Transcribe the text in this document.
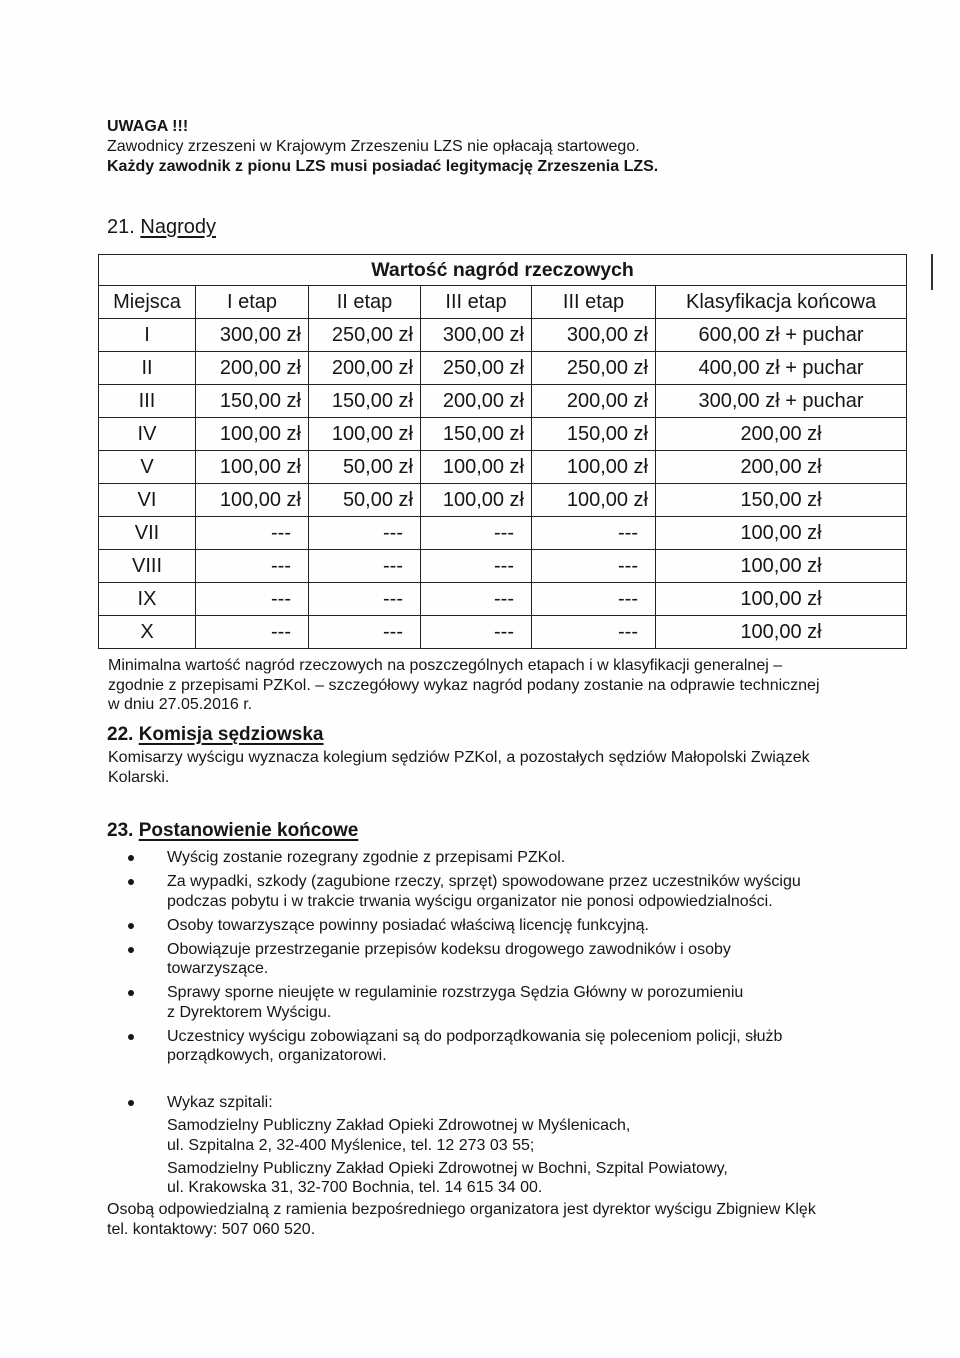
UWAGA !!!
Zawodnicy zrzeszeni w Krajowym Zrzeszeniu LZS nie opłacają startowego.
Każdy zawodnik z pionu LZS musi posiadać legitymację Zrzeszenia LZS.
21. Nagrody
Wartość nagród rzeczowych					
Miejsca	I etap	II etap	III etap	III etap	Klasyfikacja końcowa
I	300,00 zł	250,00 zł	300,00 zł	300,00 zł	600,00 zł + puchar
II	200,00 zł	200,00 zł	250,00 zł	250,00 zł	400,00 zł + puchar
III	150,00 zł	150,00 zł	200,00 zł	200,00 zł	300,00 zł + puchar
IV	100,00 zł	100,00 zł	150,00 zł	150,00 zł	200,00 zł
V	100,00 zł	50,00 zł	100,00 zł	100,00 zł	200,00 zł
VI	100,00 zł	50,00 zł	100,00 zł	100,00 zł	150,00 zł
VII	---	---	---	---	100,00 zł
VIII	---	---	---	---	100,00 zł
IX	---	---	---	---	100,00 zł
X	---	---	---	---	100,00 zł
Minimalna wartość nagród rzeczowych na poszczególnych etapach i w klasyfikacji generalnej –
zgodnie z przepisami PZKol. – szczegółowy wykaz nagród podany zostanie na odprawie technicznej
w dniu 27.05.2016 r.
22. Komisja sędziowska
Komisarzy wyścigu wyznacza kolegium sędziów PZKol, a pozostałych sędziów Małopolski Związek
Kolarski.
23. Postanowienie końcowe
Wyścig zostanie rozegrany zgodnie z przepisami PZKol.
Za wypadki, szkody (zagubione rzeczy, sprzęt) spowodowane przez uczestników wyścigu
podczas pobytu i w trakcie trwania wyścigu organizator nie ponosi odpowiedzialności.
Osoby towarzyszące powinny posiadać właściwą licencję funkcyjną.
Obowiązuje przestrzeganie przepisów kodeksu drogowego zawodników i osoby
towarzyszące.
Sprawy sporne nieujęte w regulaminie rozstrzyga Sędzia Główny w porozumieniu
z Dyrektorem Wyścigu.
Uczestnicy wyścigu zobowiązani są do podporządkowania się poleceniom policji, służb
porządkowych, organizatorowi.
Wykaz szpitali:
Samodzielny Publiczny Zakład Opieki Zdrowotnej w Myślenicach,
ul. Szpitalna 2, 32-400 Myślenice, tel. 12 273 03 55;
Samodzielny Publiczny Zakład Opieki Zdrowotnej w Bochni, Szpital Powiatowy,
ul. Krakowska 31, 32-700 Bochnia, tel. 14 615 34 00.
Osobą odpowiedzialną z ramienia bezpośredniego organizatora jest dyrektor wyścigu Zbigniew Klęk
tel. kontaktowy: 507 060 520.
